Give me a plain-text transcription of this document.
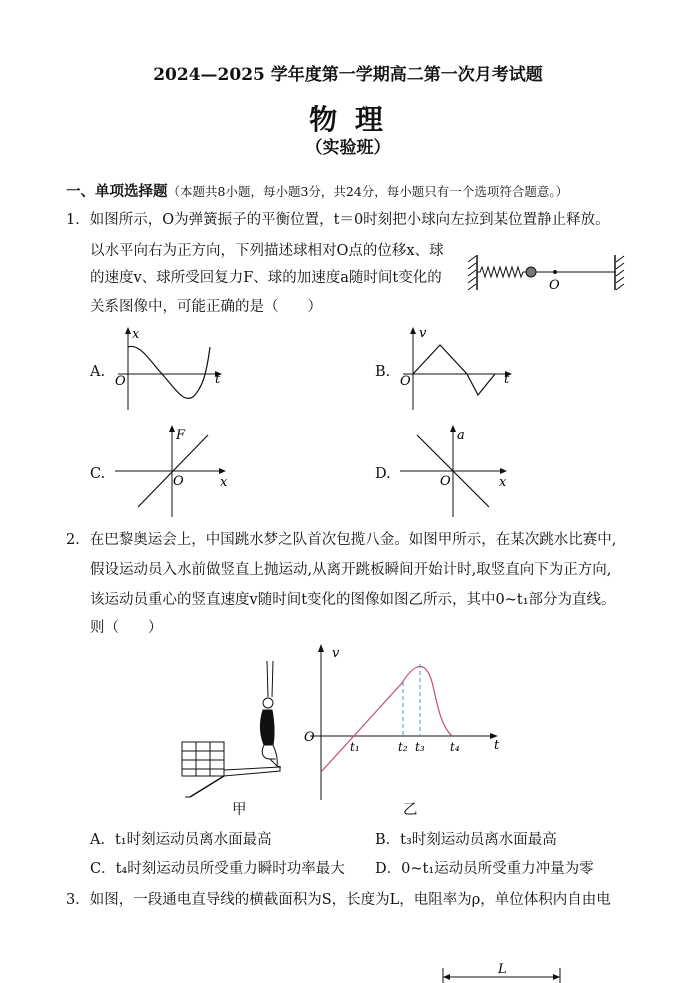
2024—2025 学年度第一学期高二第一次月考试题
物 理
（实验班）
一、单项选择题（本题共8小题，每小题3分，共24分，每小题只有一个选项符合题意。）
1．如图所示，O为弹簧振子的平衡位置，t＝0时刻把小球向左拉到某位置静止释放。
以水平向右为正方向，下列描述球相对O点的位移x、球
的速度v、球所受回复力F、球的加速度a随时间t变化的
关系图像中，可能正确的是（　　）
O
A.
x
t
O
B.
v
t
O
C.
F
x
O	D.
a
x
O
2．在巴黎奥运会上，中国跳水梦之队首次包揽八金。如图甲所示，在某次跳水比赛中,
假设运动员入水前做竖直上抛运动,从离开跳板瞬间开始计时,取竖直向下为正方向,
该运动员重心的竖直速度v随时间t变化的图像如图乙所示，其中0~t₁部分为直线。
则（　　）
甲
v
t
O
t₁	t₂ t₃ t₄
乙
A．t₁时刻运动员离水面最高	B．t₃时刻运动员离水面最高
C．t₄时刻运动员所受重力瞬时功率最大 D．0~t₁运动员所受重力冲量为零
3．如图，一段通电直导线的横截面积为S，长度为L，电阻率为ρ，单位体积内自由电
L
